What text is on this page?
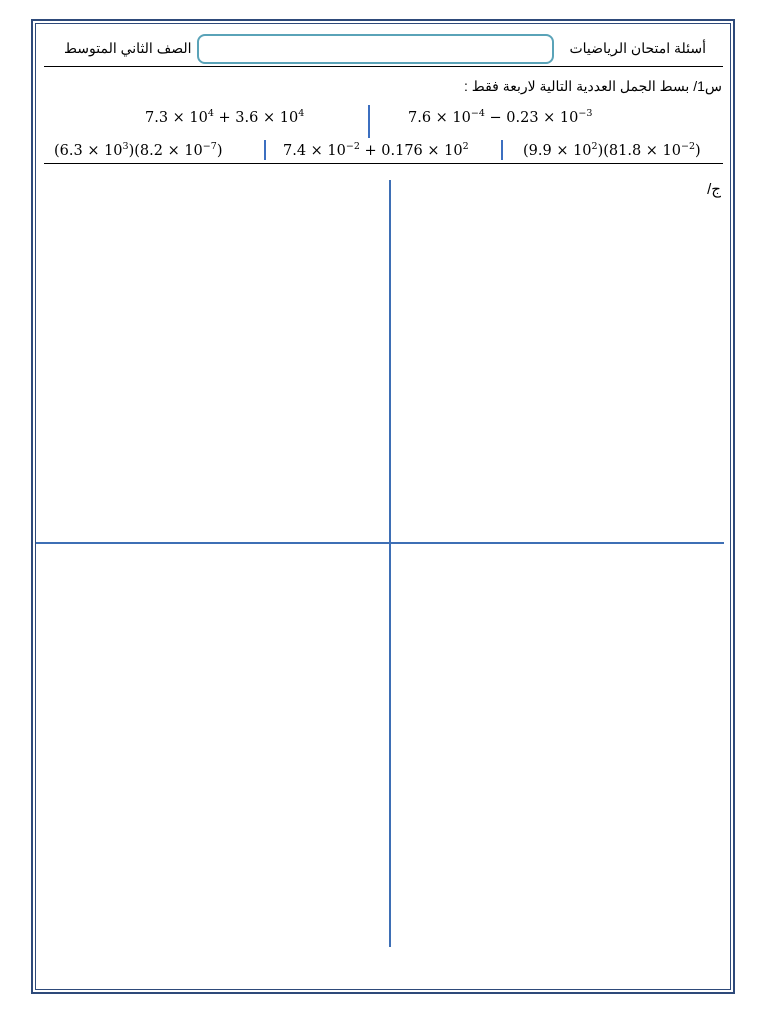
أسئلة امتحان الرياضيات
الصف الثاني المتوسط
س1/ بسط الجمل العددية التالية لاربعة فقط :
$7.3 \times 10^4 + 3.6 \times 10^4$	$7.6 \times 10^{-4} - 0.23 \times 10^{-3}$
$(6.3 \times 10^3)(8.2 \times 10^{-7})$	$7.4 \times 10^{-2} + 0.176 \times 10^2$	$(9.9 \times 10^2)(81.8 \times 10^{-2})$
ج/
